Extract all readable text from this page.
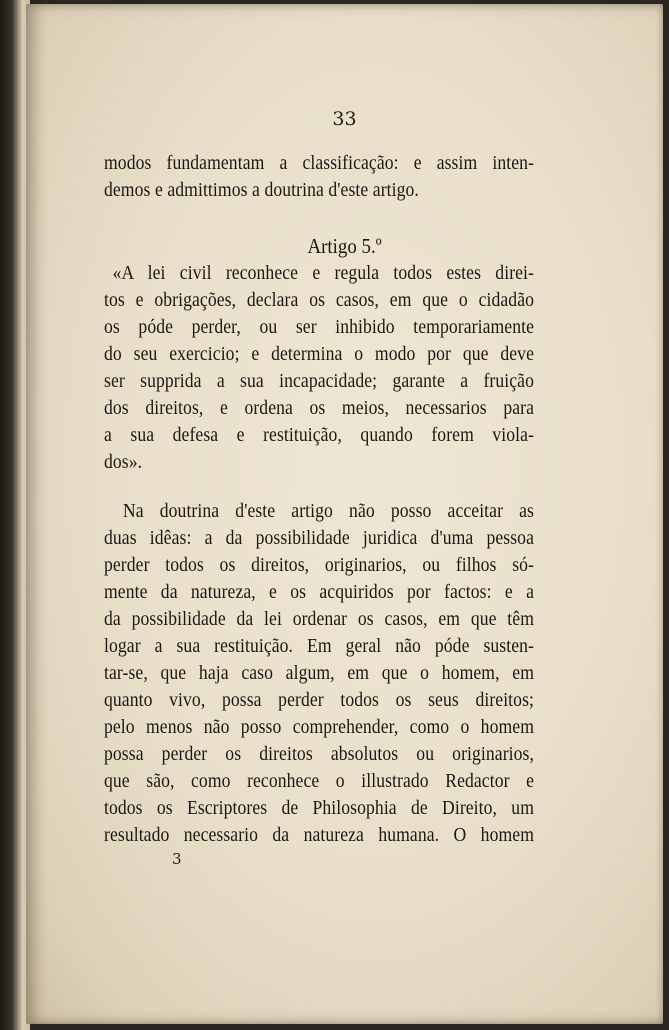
33
modos fundamentam a classificação: e assim inten-
demos e admittimos a doutrina d'este artigo.
Artigo 5.º
«A lei civil reconhece e regula todos estes direi-
tos e obrigações, declara os casos, em que o cidadão
os póde perder, ou ser inhibido temporariamente
do seu exercicio; e determina o modo por que deve
ser supprida a sua incapacidade; garante a fruição
dos direitos, e ordena os meios, necessarios para
a sua defesa e restituição, quando forem viola-
dos».
Na doutrina d'este artigo não posso acceitar as
duas idêas: a da possibilidade juridica d'uma pessoa
perder todos os direitos, originarios, ou filhos só-
mente da natureza, e os acquiridos por factos: e a
da possibilidade da lei ordenar os casos, em que têm
logar a sua restituição. Em geral não póde susten-
tar-se, que haja caso algum, em que o homem, em
quanto vivo, possa perder todos os seus direitos;
pelo menos não posso comprehender, como o homem
possa perder os direitos absolutos ou originarios,
que são, como reconhece o illustrado Redactor e
todos os Escriptores de Philosophia de Direito, um
resultado necessario da natureza humana. O homem
3
